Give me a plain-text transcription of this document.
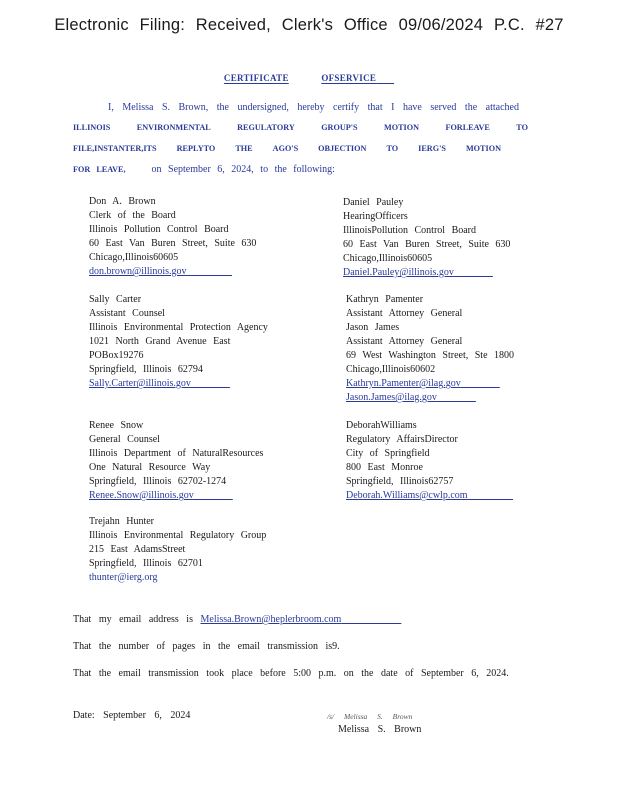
Electronic Filing: Received, Clerk's Office 09/06/2024 P.C. #27
CERTIFICATE	OFSERVICE
I, Melissa S. Brown, the undersigned, hereby certify that I have served the attached
ILLINOIS	ENVIRONMENTAL	REGULATORY	GROUP'S	MOTION	FORLEAVE	TO
FILE,INSTANTER,ITS REPLYTO THE AGO'S OBJECTION TO IERG'S MOTION
FOR LEAVE,	on September 6, 2024, to the following:
Don A. Brown
Clerk of the Board
Illinois Pollution Control Board
60 East Van Buren Street, Suite 630
Chicago,Illinois60605
don.brown@illinois.gov
Daniel Pauley
HearingOfficers
IllinoisPollution Control Board
60 East Van Buren Street, Suite 630
Chicago,Illinois60605
Daniel.Pauley@illinois.gov
Sally Carter
Assistant Counsel
Illinois Environmental Protection Agency
1021 North Grand Avenue East
POBox19276
Springfield, Illinois 62794
Sally.Carter@illinois.gov
Kathryn Pamenter
Assistant Attorney General
Jason James
Assistant Attorney General
69 West Washington Street, Ste 1800
Chicago,Illinois60602
Kathryn.Pamenter@ilag.gov
Jason.James@ilag.gov
Renee Snow
General Counsel
Illinois Department of NaturalResources
One Natural Resource Way
Springfield, Illinois 62702-1274
Renee.Snow@illinois.gov
DeborahWilliams
Regulatory AffairsDirector
City of Springfield
800 East Monroe
Springfield, Illinois62757
Deborah.Williams@cwlp.com
Trejahn Hunter
Illinois Environmental Regulatory Group
215 East AdamsStreet
Springfield, Illinois 62701
thunter@ierg.org
That my email address is Melissa.Brown@heplerbroom.com
That the number of pages in the email transmission is9.
That the email transmission took place before 5:00 p.m. on the date of September 6, 2024.
Date: September 6, 2024	/s/ Melissa S. Brown
Melissa S. Brown
